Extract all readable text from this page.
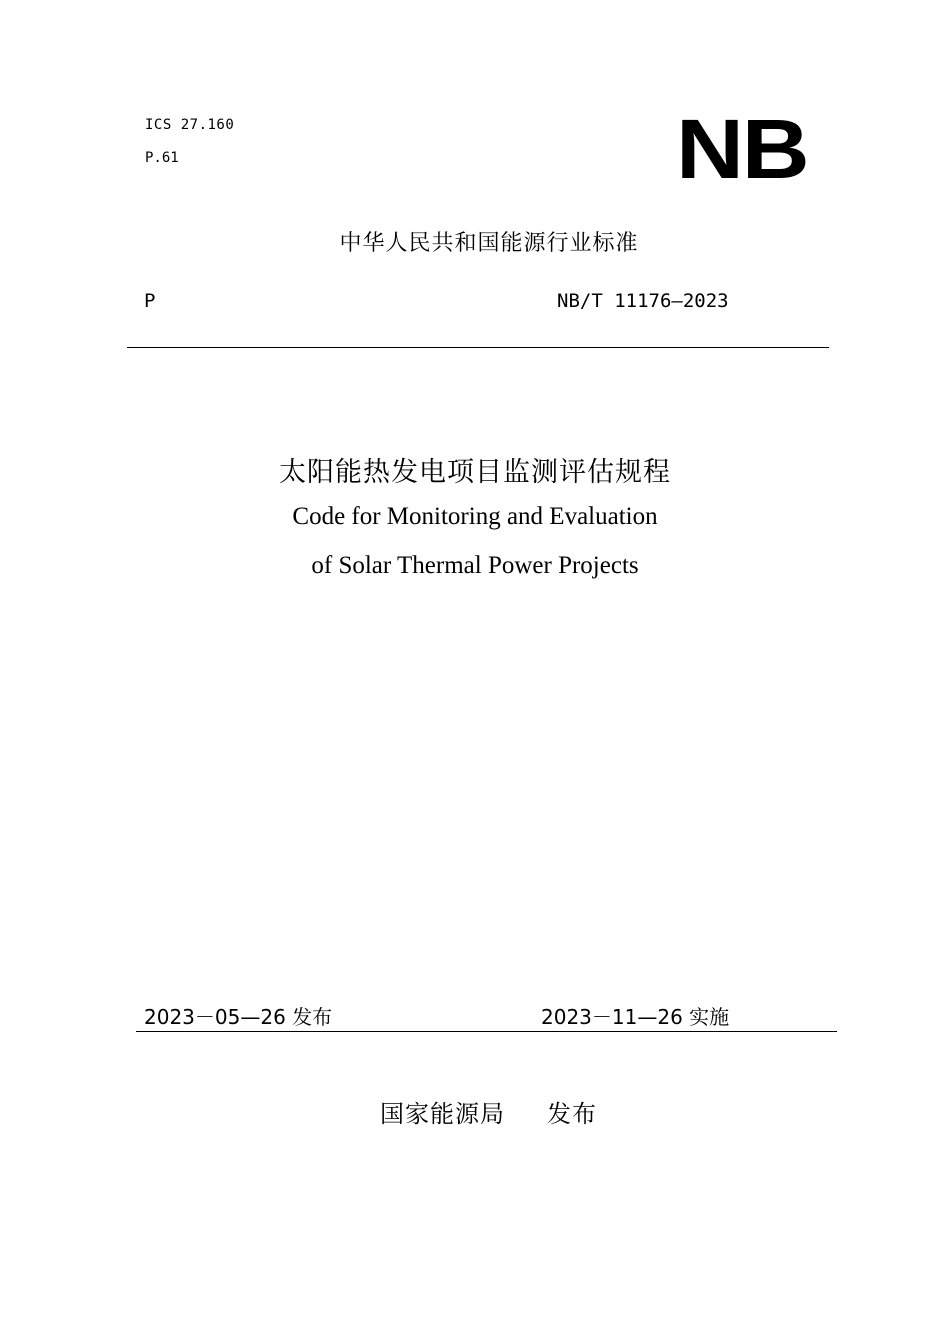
ICS 27.160
P.61	NB
中华人民共和国能源行业标准
P	NB/T 11176—2023
太阳能热发电项目监测评估规程
Code for Monitoring and Evaluation
of Solar Thermal Power Projects
2023－05—26 发布	2023－11—26 实施
国家能源局 发布
